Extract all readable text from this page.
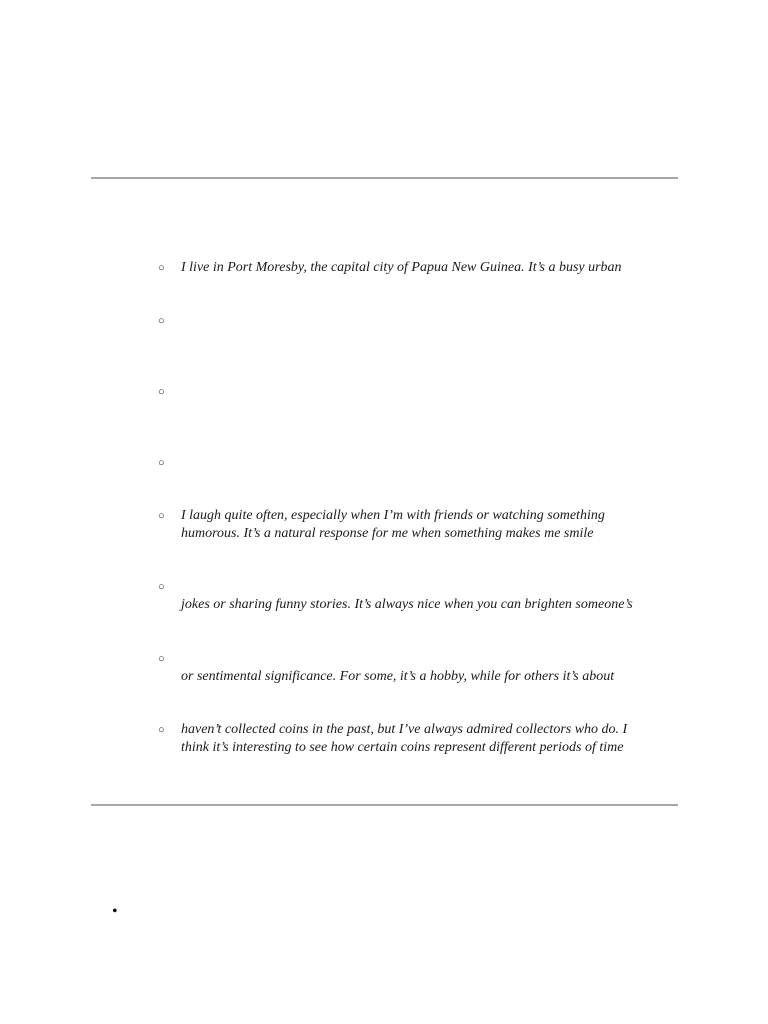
○ I live in Port Moresby, the capital city of Papua New Guinea. It’s a busy urban
○
○
○
○ I laugh quite often, especially when I’m with friends or watching something
humorous. It’s a natural response for me when something makes me smile
○
jokes or sharing funny stories. It’s always nice when you can brighten someone’s
○
or sentimental significance. For some, it’s a hobby, while for others it’s about
○ haven’t collected coins in the past, but I’ve always admired collectors who do. I
think it’s interesting to see how certain coins represent different periods of time
•
